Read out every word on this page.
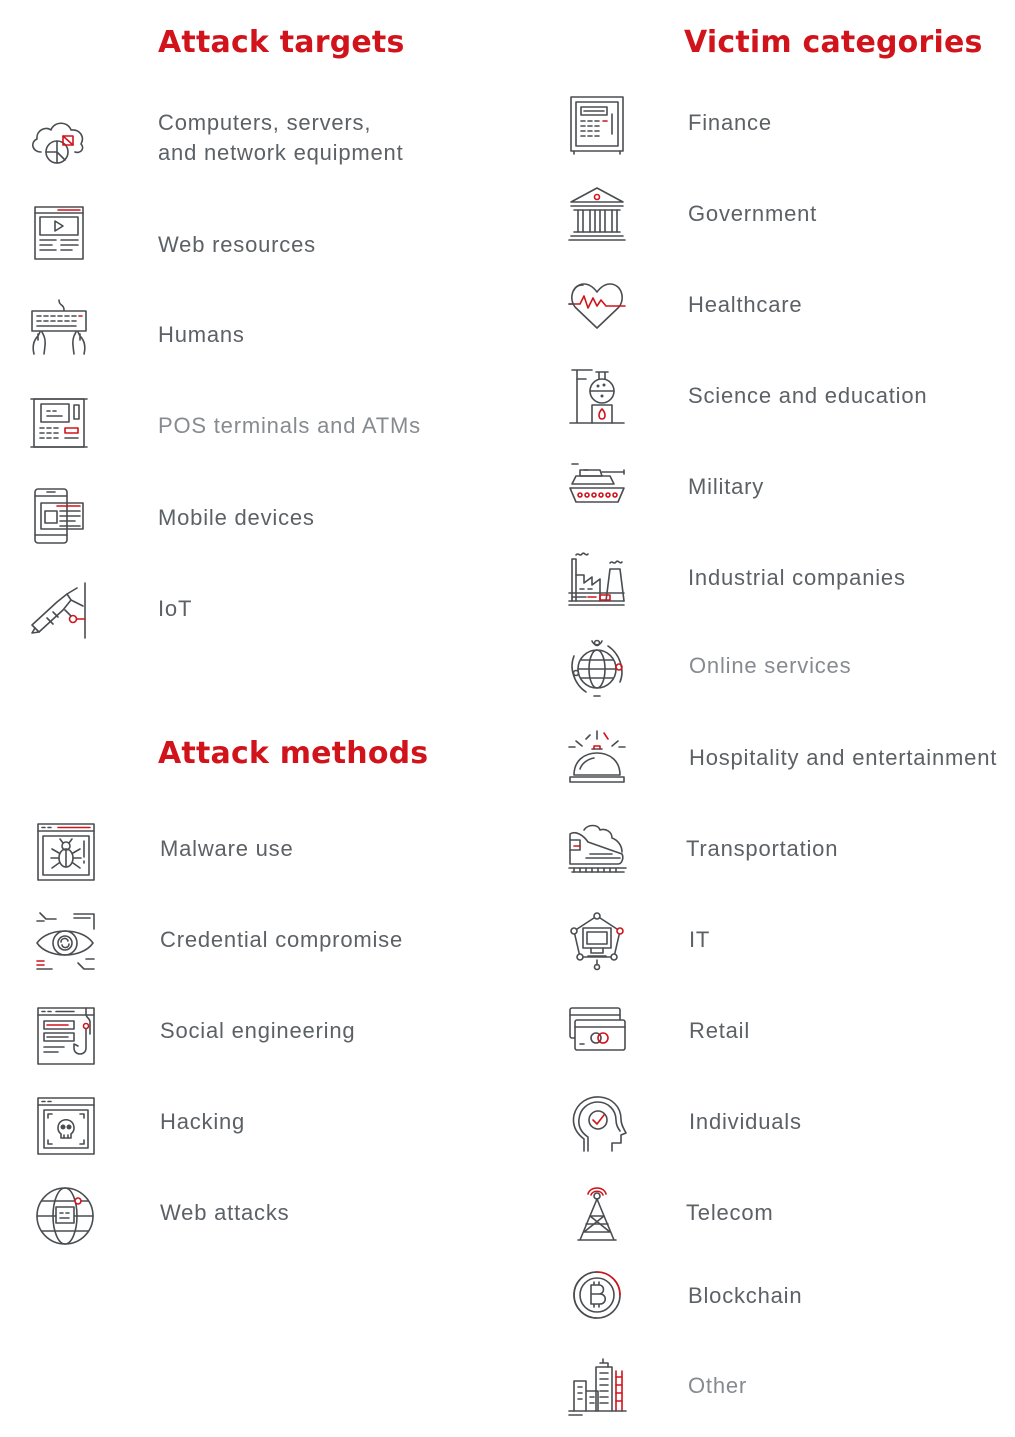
Attack targets
Computers, servers,
and network equipment
Web resources
Humans
POS terminals and ATMs
Mobile devices
IoT
Attack methods
Malware use
Credential compromise
Social engineering
Hacking
Web attacks
Victim categories
Finance
Government
Healthcare
Science and education
Military
Industrial companies
Online services
Hospitality and entertainment
Transportation
IT
Retail
Individuals
Telecom
Blockchain
Other
